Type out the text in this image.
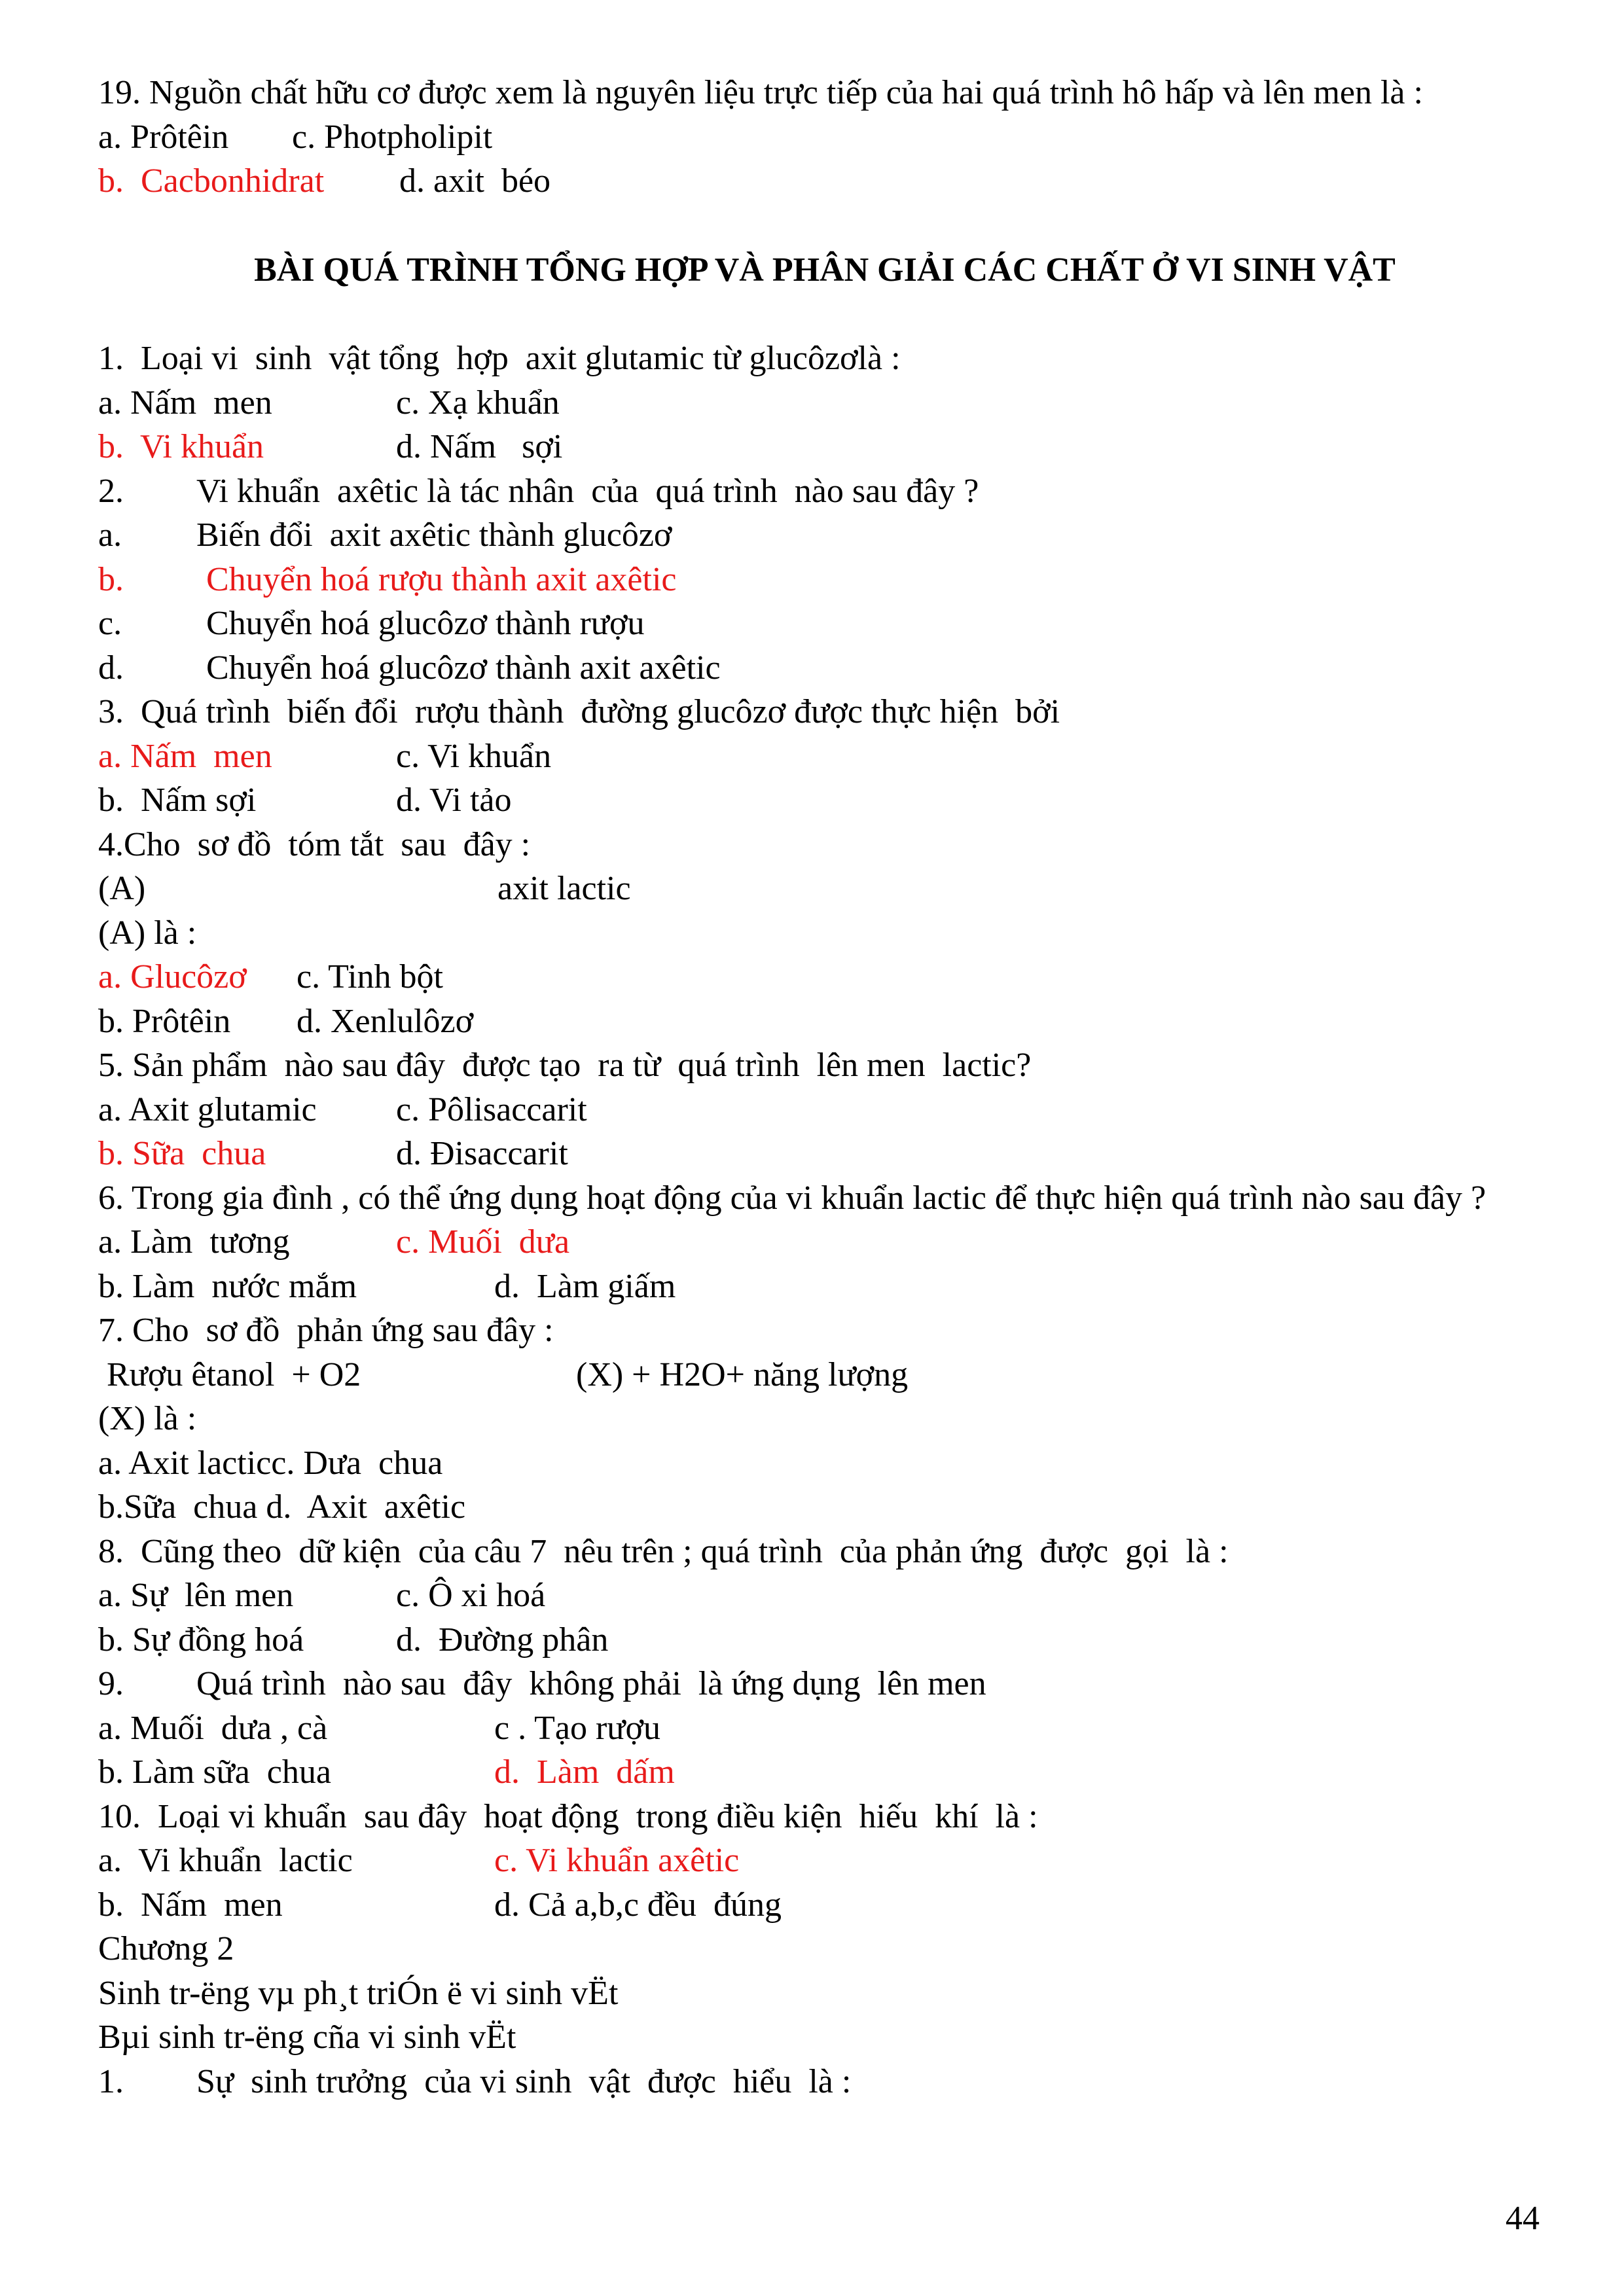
19. Nguồn chất hữu cơ được xem là nguyên liệu trực tiếp của hai quá trình hô hấp và lên men là :
a. Prôtêin c. Photpholipit
b.  Cacbonhidrat d. axit  béo
BÀI QUÁ TRÌNH TỔNG HỢP VÀ PHÂN GIẢI CÁC CHẤT Ở VI SINH VẬT
1.  Loại vi  sinh  vật tổng  hợp  axit glutamic từ glucôzơlà :
a. Nấm  men	c. Xạ khuẩn
b.  Vi khuẩn	d. Nấm   sợi
2. Vi khuẩn  axêtic là tác nhân  của  quá trình  nào sau đây ?
a. Biến đổi  axit axêtic thành glucôzơ
b. Chuyển hoá rượu thành axit axêtic
c. Chuyển hoá glucôzơ thành rượu
d. Chuyển hoá glucôzơ thành axit axêtic
3.  Quá trình  biến đổi  rượu thành  đường glucôzơ được thực hiện  bởi
a. Nấm  men	c. Vi khuẩn
b.  Nấm sợi	d. Vi tảo
4.Cho  sơ đồ  tóm tắt  sau  đây :
(A)	axit lactic
(A) là :
a. Glucôzơ c. Tinh bột
b. Prôtêin d. Xenlulôzơ
5. Sản phẩm  nào sau đây  được tạo  ra từ  quá trình  lên men  lactic?
a. Axit glutamic c. Pôlisaccarit
b. Sữa  chua	d. Đisaccarit
6. Trong gia đình , có thể ứng dụng hoạt động của vi khuẩn lactic để thực hiện quá trình nào sau đây ?
a. Làm  tương	c. Muối  dưa
b. Làm  nước mắm	d.  Làm giấm
7. Cho  sơ đồ  phản ứng sau đây :
Rượu êtanol  + O2	(X) + H2O+ năng lượng
(X) là :
a. Axit lacticc. Dưa  chua
b.Sữa  chua d.  Axit  axêtic
8.  Cũng theo  dữ kiện  của câu 7  nêu trên ; quá trình  của phản ứng  được  gọi  là :
a. Sự  lên men	c. Ô xi hoá
b. Sự đồng hoá	d.  Đường phân
9. Quá trình  nào sau  đây  không phải  là ứng dụng  lên men
a. Muối  dưa , cà	c . Tạo rượu
b. Làm sữa  chua	d.  Làm  dấm
10.  Loại vi khuẩn  sau đây  hoạt động  trong điều kiện  hiếu  khí  là :
a.  Vi khuẩn  lactic	c. Vi khuẩn axêtic
b.  Nấm  men	d. Cả a,b,c đều  đúng
Chương 2
Sinh tr-ëng vµ ph¸t triÓn ë vi sinh vËt
Bµi sinh tr-ëng cña vi sinh vËt
1. Sự  sinh trưởng  của vi sinh  vật  được  hiểu  là :
44
